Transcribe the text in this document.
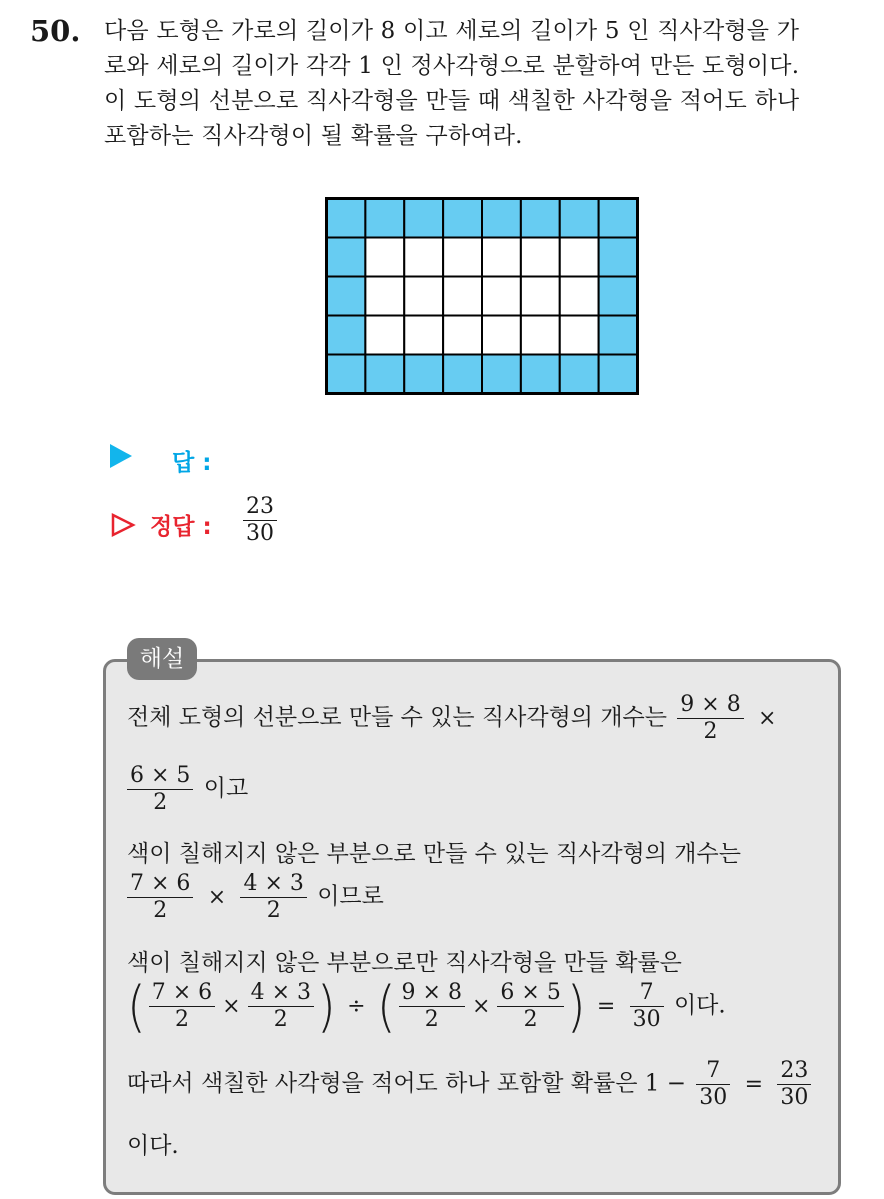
50. 다음 도형은 가로의 길이가 8 이고 세로의 길이가 5 인 직사각형을 가
로와 세로의 길이가 각각 1 인 정사각형으로 분할하여 만든 도형이다.
이 도형의 선분으로 직사각형을 만들 때 색칠한 사각형을 적어도 하나
포함하는 직사각형이 될 확률을 구하여라.
답 :
정답 : $\frac{23}{30}$
해설
전체 도형의 선분으로 만들 수 있는 직사각형의 개수는 $\frac{9 \times 8}{2}$ ×
$\frac{6 \times 5}{2}$ 이고
색이 칠해지지 않은 부분으로 만들 수 있는 직사각형의 개수는
$\frac{7 \times 6}{2} \times \frac{4 \times 3}{2}$ 이므로
색이 칠해지지 않은 부분으로만 직사각형을 만들 확률은
( $\frac{7 \times 6}{2} \times \frac{4 \times 3}{2}$ ) ÷ ( $\frac{9 \times 8}{2} \times \frac{6 \times 5}{2}$ ) = $\frac{7}{30}$ 이다.
따라서 색칠한 사각형을 적어도 하나 포함할 확률은 $1 - \frac{7}{30} = \frac{23}{30}$
이다.
